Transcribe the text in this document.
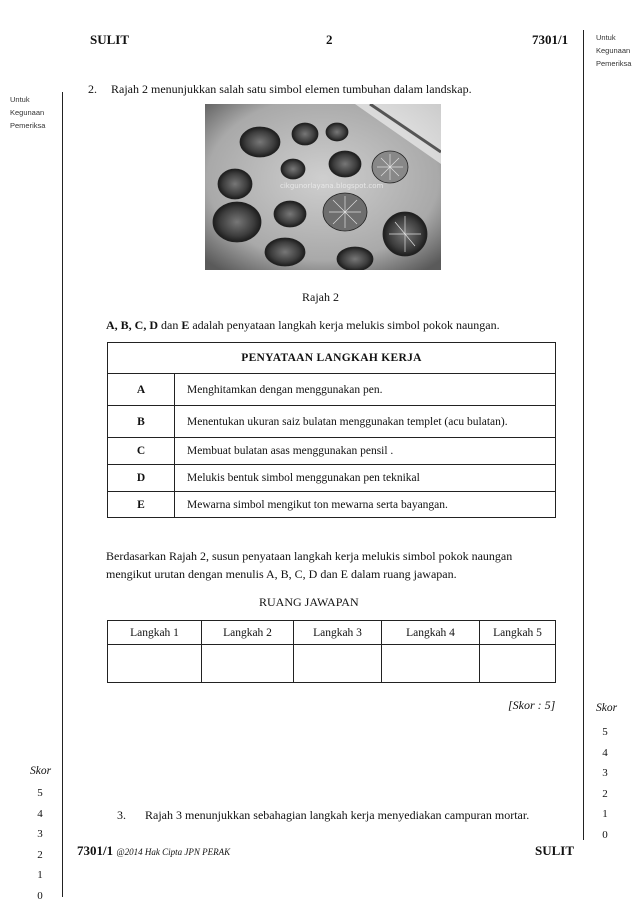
SULIT	2	7301/1	Untuk
Kegunaan
Pemeriksa
Untuk
Kegunaan
Pemeriksa
2. Rajah 2 menunjukkan salah satu simbol elemen tumbuhan dalam landskap.
cikgunorlayana.blogspot.com
Rajah 2
A, B, C, D dan E adalah penyataan langkah kerja melukis simbol pokok naungan.
PENYATAAN LANGKAH KERJA	
A	Menghitamkan dengan menggunakan pen.
B	Menentukan ukuran saiz bulatan menggunakan templet (acu bulatan).
C	Membuat bulatan asas menggunakan pensil .
D	Melukis bentuk simbol menggunakan pen teknikal
E	Mewarna simbol mengikut ton mewarna serta bayangan.
Berdasarkan Rajah 2, susun penyataan langkah kerja melukis simbol pokok naungan
mengikut urutan dengan menulis A, B, C, D dan E dalam ruang jawapan.
RUANG JAWAPAN
Langkah 1	Langkah 2	Langkah 3	Langkah 4	Langkah 5

[Skor : 5]	Skor
5
4
3
2
1
0
Skor
5
4
3
2
1
0
3. Rajah 3 menunjukkan sebahagian langkah kerja menyediakan campuran mortar.
7301/1 @2014 Hak Cipta JPN PERAK	SULIT
